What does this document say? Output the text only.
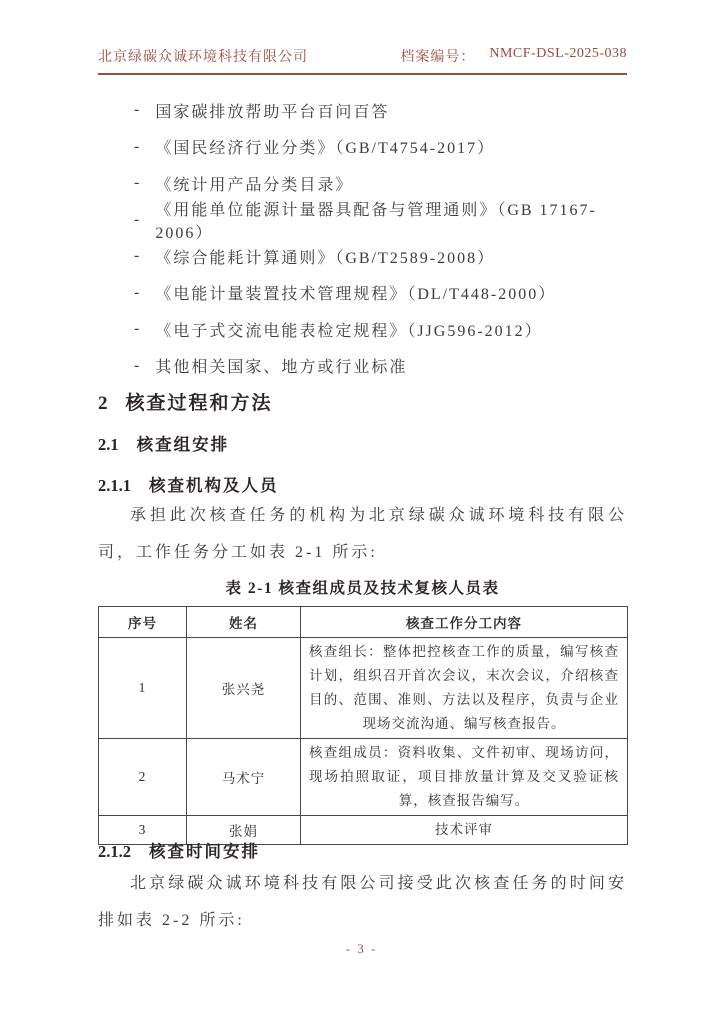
北京绿碳众诚环境科技有限公司	档案编号： NMCF-DSL-2025-038
- 国家碳排放帮助平台百问百答
- 《国民经济行业分类》（GB/T4754-2017）
- 《统计用产品分类目录》
-
《用能单位能源计量器具配备与管理通则》（GB 17167-2006）
- 《综合能耗计算通则》（GB/T2589-2008）
- 《电能计量装置技术管理规程》（DL/T448-2000）
- 《电子式交流电能表检定规程》（JJG596-2012）
- 其他相关国家、地方或行业标准
2 核查过程和方法
2.1 核查组安排
2.1.1 核查机构及人员

承担此次核查任务的机构为北京绿碳众诚环境科技有限公司，工作任务分工如表 2-1 所示:

表 2-1 核查组成员及技术复核人员表
序号	姓名	核查工作分工内容
1	张兴尧	核查组长：整体把控核查工作的质量，编写核查计划，组织召开首次会议，末次会议，介绍核查目的、范围、准则、方法以及程序，负责与企业现场交流沟通、编写核查报告。
2	马术宁	核查组成员：资料收集、文件初审、现场访问，现场拍照取证，项目排放量计算及交叉验证核算，核查报告编写。
3	张娟	技术评审
2.1.2 核查时间安排

北京绿碳众诚环境科技有限公司接受此次核查任务的时间安排如表 2-2 所示:

- 3 -
